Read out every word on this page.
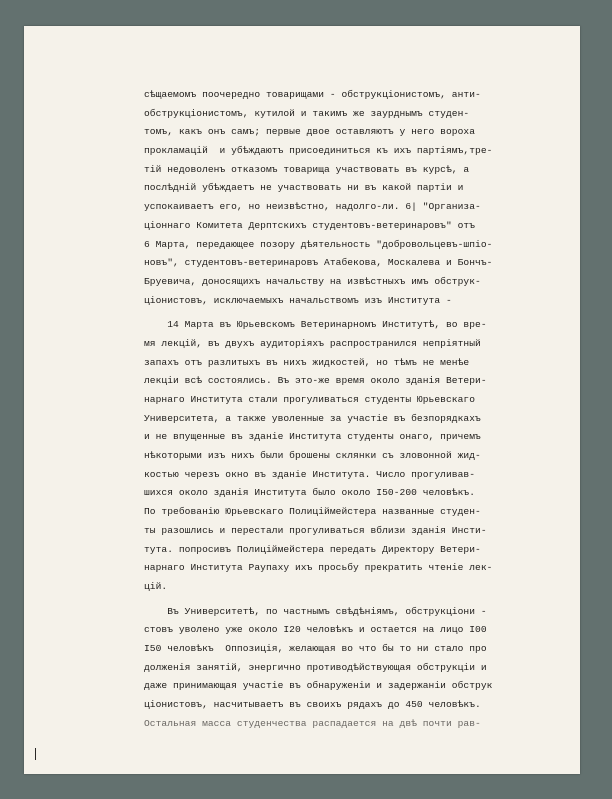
сѣщаемомъ поочередно товарищами - обструкціонистомъ, анти-
обструкціонистомъ, кутилой и такимъ же заурднымъ студен-
томъ, какъ онъ самъ; первые двое оставляютъ у него ворoха
прокламацій  и убѣждаютъ присоединиться къ ихъ партіямъ,тре-
тій недоволенъ отказомъ товарища участвовать въ курсѣ, а
послѣдній убѣждаетъ не участвовать ни въ какой партіи и
успокаиваетъ его, но неизвѣстно, надолго-ли. 6| "Организа-
ціоннаго Комитета Дерптскихъ студентовъ-ветеринаровъ" отъ
6 Марта, передающее позору дѣятельность "добровольцевъ-шпіо-
новъ", студентовъ-ветеринаровъ Атабекова, Москалева и Бончъ-
Бруевича, доносящихъ начальству на извѣстныхъ имъ обструк-
ціонистовъ, исключаемыхъ начальствомъ изъ Института -
14 Марта въ Юрьевскомъ Ветеринарномъ Институтѣ, во вре-
мя лекцій, въ двухъ аудиторіяхъ распространился непріятный
запахъ отъ разлитыхъ въ нихъ жидкостей, но тѣмъ не менѣе
лекціи всѣ состоялись. Въ это-же время около зданія Ветери-
нарнаго Института стали прогуливаться студенты Юрьевскаго
Университета, а также уволенные за участіе въ безпорядкахъ
и не впущенные въ зданіе Института студенты онаго, причемъ
нѣкоторыми изъ нихъ были брошены склянки съ зловонной жид-
костью черезъ окно въ зданіе Института. Число прогуливав-
шихся около зданія Института было около I50-200 человѣкъ.
По требованію Юрьевскаго Полиціймейстера названные студен-
ты разошлись и перестали прогуливаться вблизи зданія Инсти-
тута. попросивъ Полиціймейстера передать Директору Ветери-
нарнаго Института Раупаху ихъ просьбу прекратить чтеніе лек-
цій.
Въ Университетѣ, по частнымъ свѣдѣніямъ, обструкціони -
стовъ уволено уже около I20 человѣкъ и остается на лицо I00
I50 человѣкъ  Оппозиція, желающая во что бы то ни стало про
долженія занятій, энергично противодѣйствующая обструкціи и
даже принимающая участіе въ обнаруженіи и задержаніи обструк
ціонистовъ, насчитываетъ въ своихъ рядахъ до 450 человѣкъ.
Остальная масса студенчества распадается на двѣ почти рав-
